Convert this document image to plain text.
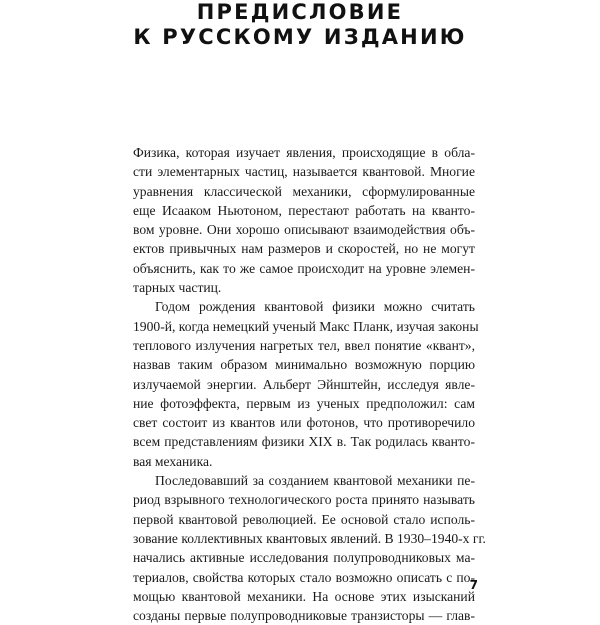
ПРЕДИСЛОВИЕ
К РУССКОМУ ИЗДАНИЮ
Физика, которая изучает явления, происходящие в обла-
сти элементарных частиц, называется квантовой. Многие
уравнения классической механики, сформулированные
еще Исааком Ньютоном, перестают работать на кванто-
вом уровне. Они хорошо описывают взаимодействия объ-
ектов привычных нам размеров и скоростей, но не могут
объяснить, как то же самое происходит на уровне элемен-
тарных частиц.
Годом рождения квантовой физики можно считать
1900-й, когда немецкий ученый Макс Планк, изучая законы
теплового излучения нагретых тел, ввел понятие «квант»,
назвав таким образом минимально возможную порцию
излучаемой энергии. Альберт Эйнштейн, исследуя явле-
ние фотоэффекта, первым из ученых предположил: сам
свет состоит из квантов или фотонов, что противоречило
всем представлениям физики XIX в. Так родилась кванто-
вая механика.
Последовавший за созданием квантовой механики пе-
риод взрывного технологического роста принято называть
первой квантовой революцией. Ее основой стало исполь-
зование коллективных квантовых явлений. В 1930–1940-х гг.
начались активные исследования полупроводниковых ма-
териалов, свойства которых стало возможно описать с по-
мощью квантовой механики. На основе этих изысканий
созданы первые полупроводниковые транзисторы — глав-
7
